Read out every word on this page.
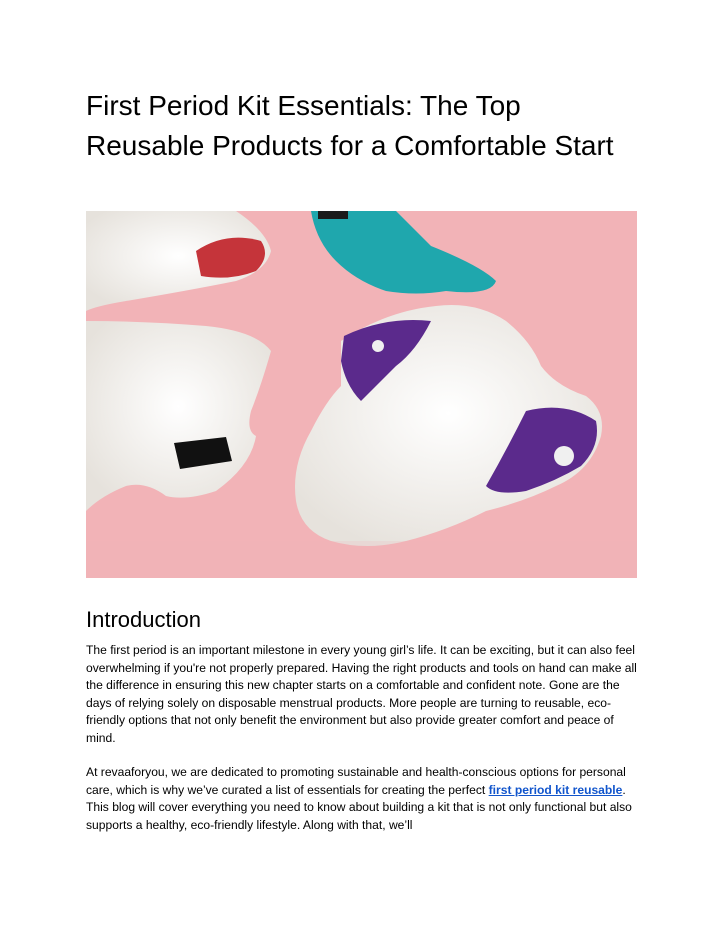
First Period Kit Essentials: The Top Reusable Products for a Comfortable Start
Introduction

The first period is an important milestone in every young girl’s life. It can be exciting, but it can also feel overwhelming if you're not properly prepared. Having the right products and tools on hand can make all the difference in ensuring this new chapter starts on a comfortable and confident note. Gone are the days of relying solely on disposable menstrual products. More people are turning to reusable, eco-friendly options that not only benefit the environment but also provide greater comfort and peace of mind.

At revaaforyou, we are dedicated to promoting sustainable and health-conscious options for personal care, which is why we’ve curated a list of essentials for creating the perfect first period kit reusable. This blog will cover everything you need to know about building a kit that is not only functional but also supports a healthy, eco-friendly lifestyle. Along with that, we’ll
